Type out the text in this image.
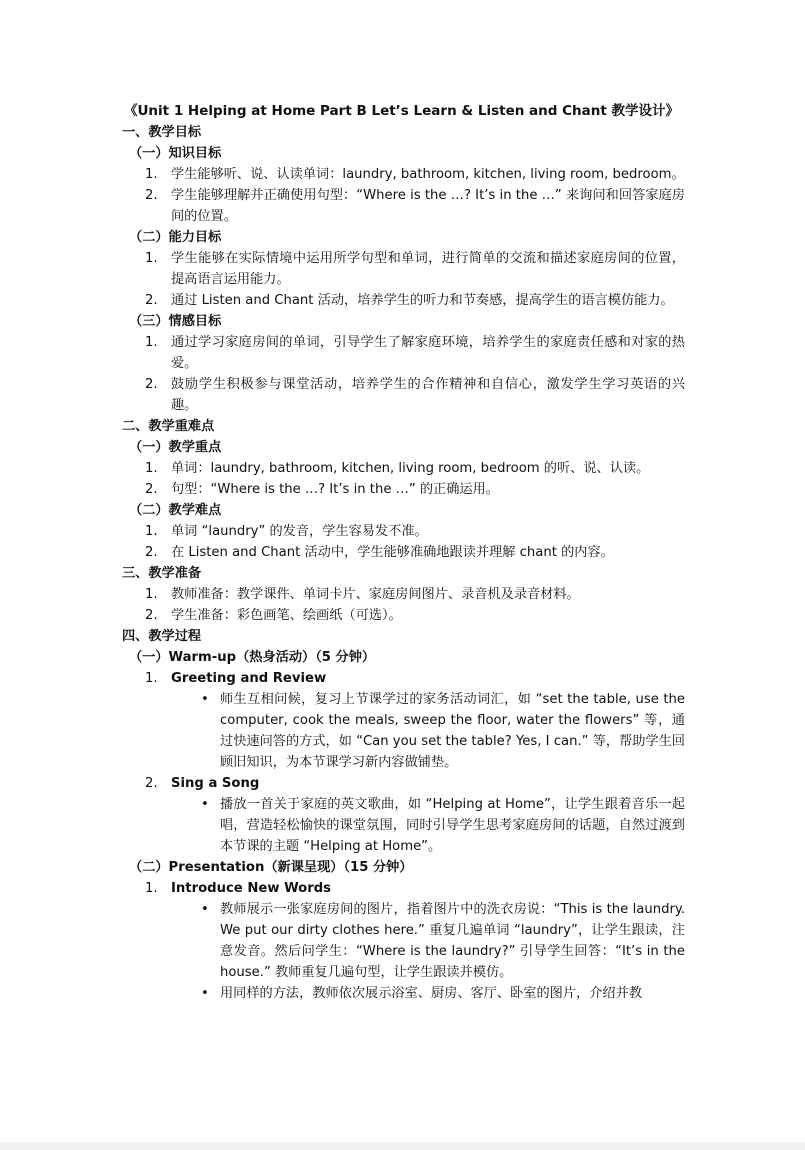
《Unit 1 Helping at Home Part B Let’s Learn & Listen and Chant 教学设计》
一、教学目标
（一）知识目标
1.	学生能够听、说、认读单词：laundry, bathroom, kitchen, living room, bedroom。
2.	学生能够理解并正确使用句型：“Where is the …? It’s in the …” 来询问和回答家庭房间的位置。
（二）能力目标
1.	学生能够在实际情境中运用所学句型和单词，进行简单的交流和描述家庭房间的位置，提高语言运用能力。
2.	通过 Listen and Chant 活动，培养学生的听力和节奏感，提高学生的语言模仿能力。
（三）情感目标
1.	通过学习家庭房间的单词，引导学生了解家庭环境，培养学生的家庭责任感和对家的热爱。
2.	鼓励学生积极参与课堂活动，培养学生的合作精神和自信心，激发学生学习英语的兴趣。
二、教学重难点
（一）教学重点
1.	单词：laundry, bathroom, kitchen, living room, bedroom 的听、说、认读。
2.	句型：“Where is the …? It’s in the …” 的正确运用。
（二）教学难点
1.	单词 “laundry” 的发音，学生容易发不准。
2.	在 Listen and Chant 活动中，学生能够准确地跟读并理解 chant 的内容。
三、教学准备
1.	教师准备：教学课件、单词卡片、家庭房间图片、录音机及录音材料。
2.	学生准备：彩色画笔、绘画纸（可选）。
四、教学过程
（一）Warm-up（热身活动）（5 分钟）
1.	Greeting and Review
• 师生互相问候，复习上节课学过的家务活动词汇，如 “set the table, use the computer, cook the meals, sweep the floor, water the flowers” 等，通过快速问答的方式，如 “Can you set the table? Yes, I can.” 等，帮助学生回顾旧知识，为本节课学习新内容做铺垫。
2.	Sing a Song
• 播放一首关于家庭的英文歌曲，如 “Helping at Home”，让学生跟着音乐一起唱，营造轻松愉快的课堂氛围，同时引导学生思考家庭房间的话题，自然过渡到本节课的主题 “Helping at Home”。
（二）Presentation（新课呈现）（15 分钟）
1.	Introduce New Words
• 教师展示一张家庭房间的图片，指着图片中的洗衣房说：“This is the laundry. We put our dirty clothes here.” 重复几遍单词 “laundry”，让学生跟读，注意发音。然后问学生：“Where is the laundry?” 引导学生回答：“It’s in the house.” 教师重复几遍句型，让学生跟读并模仿。
• 用同样的方法，教师依次展示浴室、厨房、客厅、卧室的图片，介绍并教
